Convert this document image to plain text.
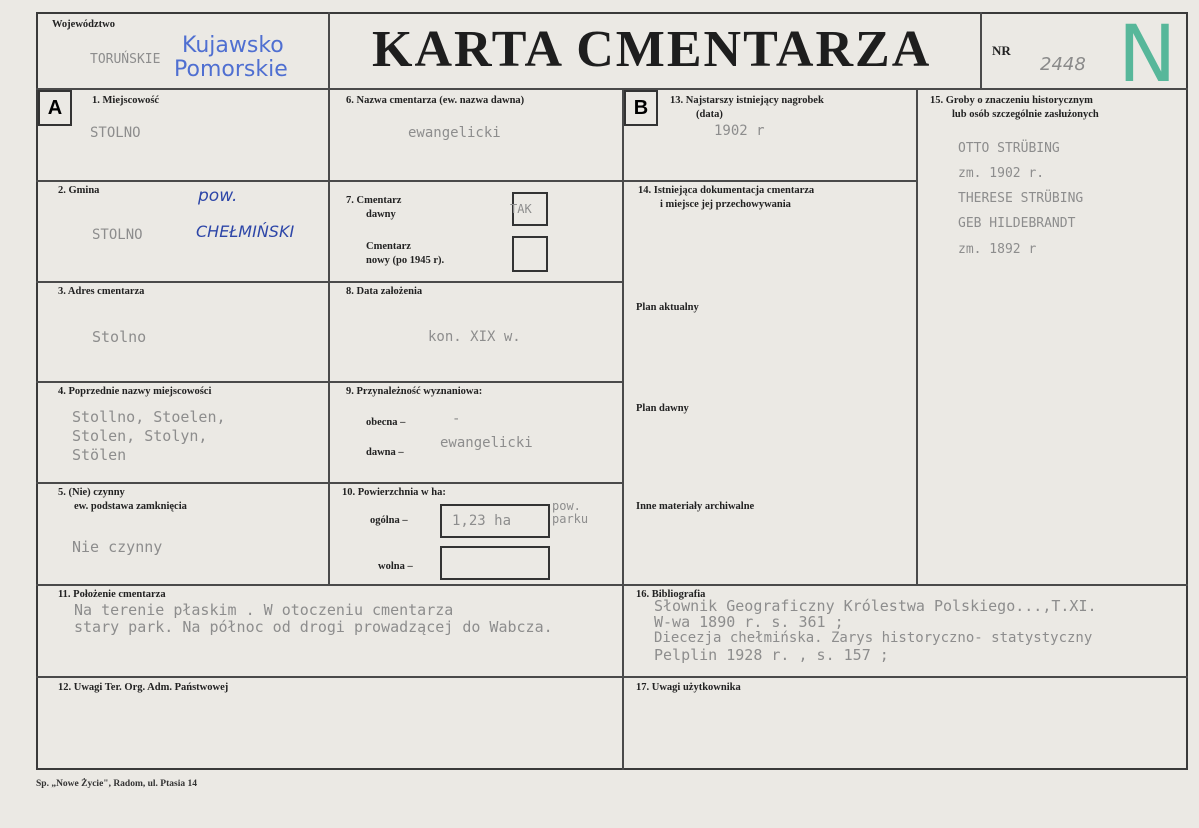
Województwo
TORUŃSKIE
Kujawsko
Pomorskie KARTA CMENTARZA	NR
2448 N
A	1. Miejscowość
STOLNO
2. Gmina
STOLNO
pow.
CHEŁMIŃSKI
3. Adres cmentarza
Stolno
4. Poprzednie nazwy miejscowości
Stollno, Stoelen,
Stolen, Stolyn,
Stölen
5. (Nie) czynny
ew. podstawa zamknięcia
Nie czynny
6. Nazwa cmentarza (ew. nazwa dawna)
ewangelicki
7. Cmentarz
dawny	TAK
Cmentarz
nowy (po 1945 r).
8. Data założenia
kon. XIX w.
9. Przynależność wyznaniowa:
obecna –	-
dawna –
ewangelicki
10. Powierzchnia w ha:
ogólna –	1,23 ha
pow.
parku
wolna –
B	13. Najstarszy istniejący nagrobek
(data)
1902 r
14. Istniejąca dokumentacja cmentarza
i miejsce jej przechowywania
Plan aktualny
Plan dawny
Inne materiały archiwalne
15. Groby o znaczeniu historycznym
lub osób szczególnie zasłużonych
OTTO STRÜBING
zm. 1902 r.
THERESE STRÜBING
GEB HILDEBRANDT
zm. 1892 r
11. Położenie cmentarza
Na terenie płaskim . W otoczeniu cmentarza
stary park. Na północ od drogi prowadzącej do Wabcza.
16. Bibliografia
Słownik Geograficzny Królestwa Polskiego...,T.XI.
W-wa 1890 r. s. 361 ;
Diecezja chełmińska. Zarys historyczno- statystyczny
Pelplin 1928 r. , s. 157 ;
12. Uwagi Ter. Org. Adm. Państwowej	17. Uwagi użytkownika
Sp. „Nowe Życie", Radom, ul. Ptasia 14
